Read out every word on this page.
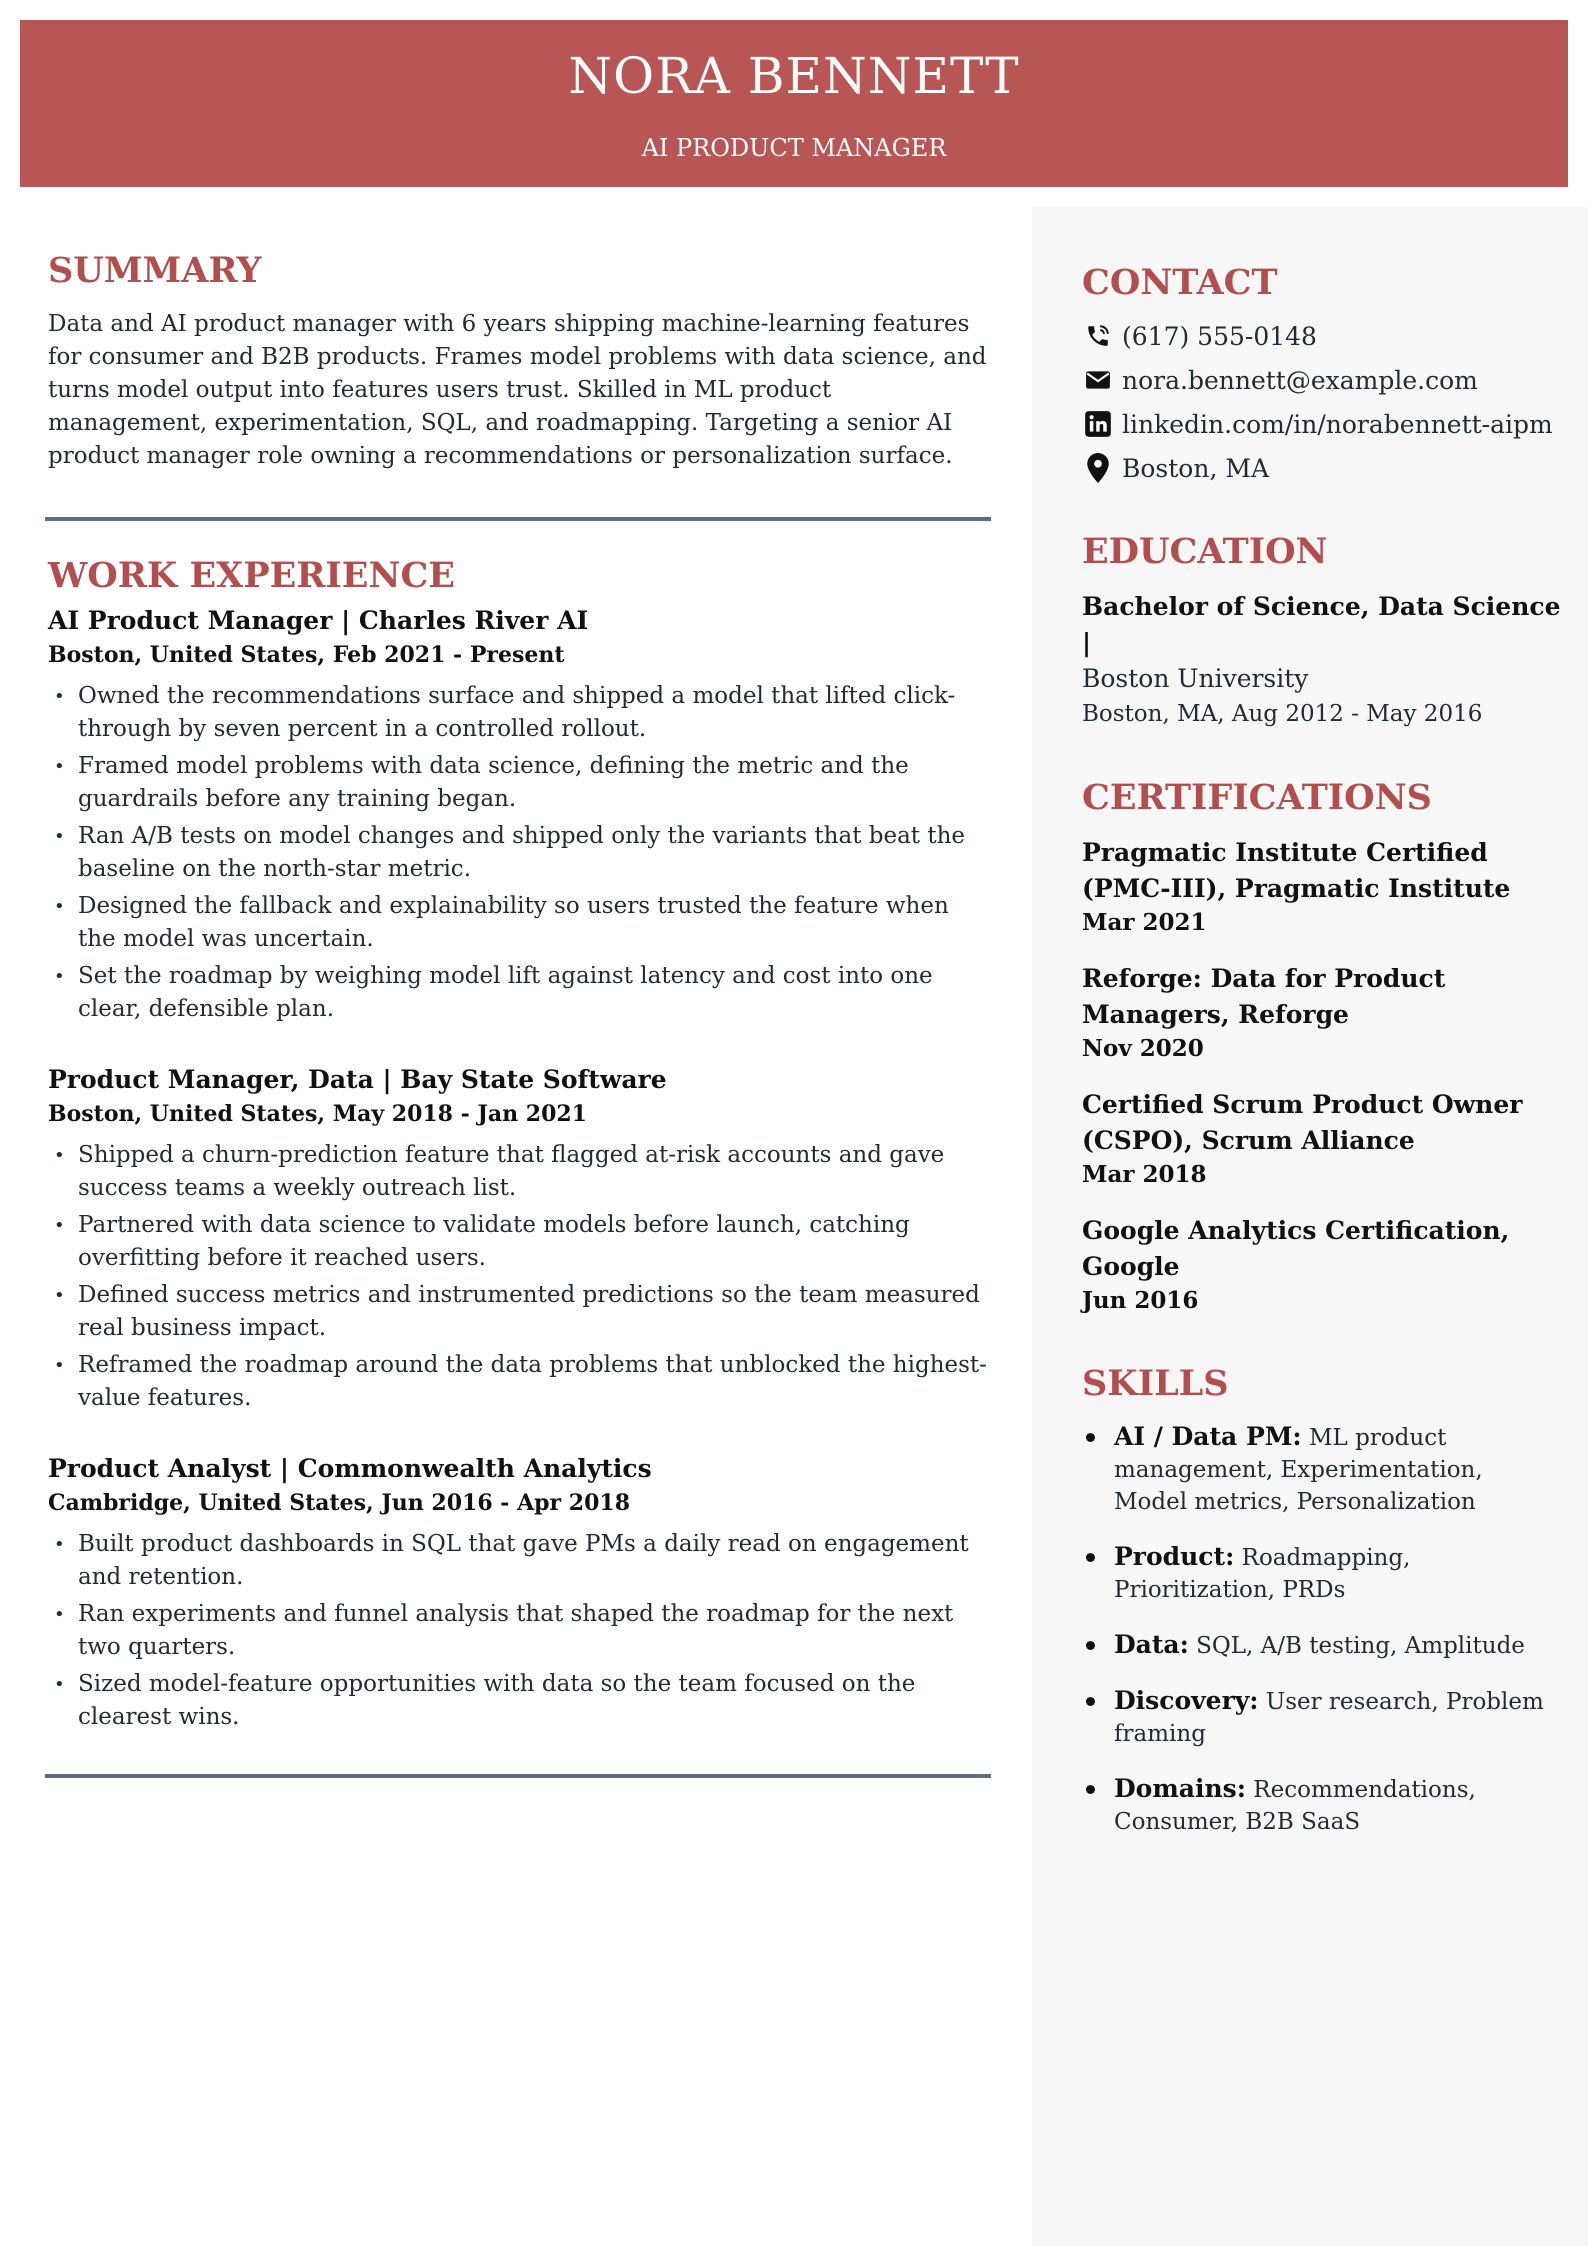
NORA BENNETT
AI PRODUCT MANAGER
CONTACT
(617) 555-0148
nora.bennett@example.com
linkedin.com/in/norabennett-aipm
Boston, MA
EDUCATION
Bachelor of Science, Data Science |
Boston University
Boston, MA, Aug 2012 - May 2016
CERTIFICATIONS
Pragmatic Institute Certified (PMC-III), Pragmatic Institute
Mar 2021
Reforge: Data for Product Managers, Reforge
Nov 2020
Certified Scrum Product Owner (CSPO), Scrum Alliance
Mar 2018
Google Analytics Certification, Google
Jun 2016
SKILLS
AI / Data PM: ML product management, Experimentation, Model metrics, Personalization
Product: Roadmapping, Prioritization, PRDs
Data: SQL, A/B testing, Amplitude
Discovery: User research, Problem framing
Domains: Recommendations, Consumer, B2B SaaS
SUMMARY

Data and AI product manager with 6 years shipping machine-learning features for consumer and B2B products. Frames model problems with data science, and turns model output into features users trust. Skilled in ML product management, experimentation, SQL, and roadmapping. Targeting a senior AI product manager role owning a recommendations or personalization surface.

WORK EXPERIENCE
AI Product Manager | Charles River AI
Boston, United States, Feb 2021 - Present
• Owned the recommendations surface and shipped a model that lifted click-through by seven percent in a controlled rollout.
• Framed model problems with data science, defining the metric and the guardrails before any training began.
• Ran A/B tests on model changes and shipped only the variants that beat the baseline on the north-star metric.
• Designed the fallback and explainability so users trusted the feature when the model was uncertain.
• Set the roadmap by weighing model lift against latency and cost into one clear, defensible plan.
Product Manager, Data | Bay State Software
Boston, United States, May 2018 - Jan 2021
• Shipped a churn-prediction feature that flagged at-risk accounts and gave success teams a weekly outreach list.
• Partnered with data science to validate models before launch, catching overfitting before it reached users.
• Defined success metrics and instrumented predictions so the team measured real business impact.
• Reframed the roadmap around the data problems that unblocked the highest-value features.
Product Analyst | Commonwealth Analytics
Cambridge, United States, Jun 2016 - Apr 2018
• Built product dashboards in SQL that gave PMs a daily read on engagement and retention.
• Ran experiments and funnel analysis that shaped the roadmap for the next two quarters.
• Sized model-feature opportunities with data so the team focused on the clearest wins.
